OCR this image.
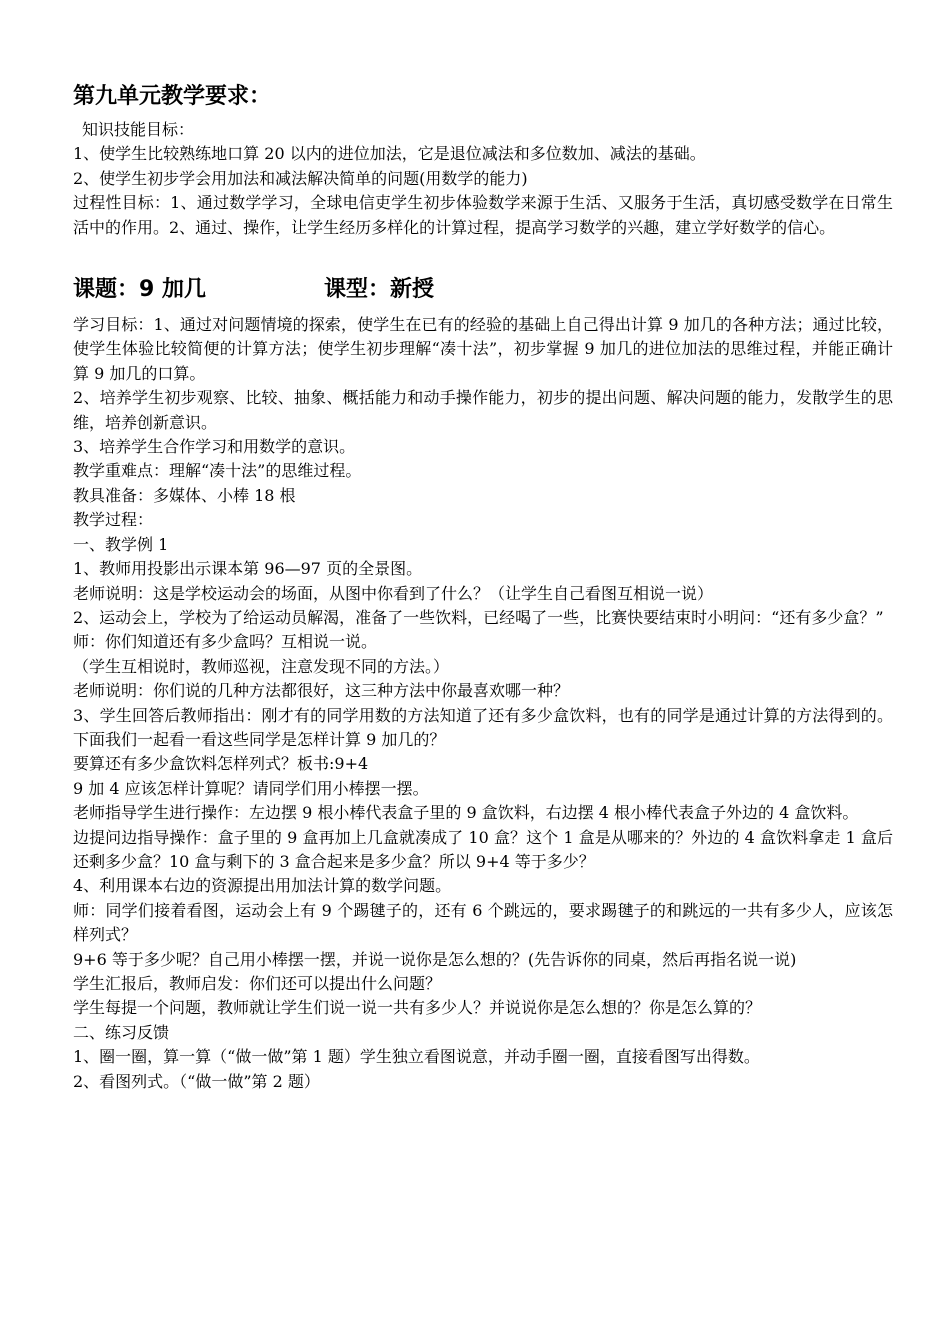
第九单元教学要求：

知识技能目标：

1、使学生比较熟练地口算 20 以内的进位加法，它是退位减法和多位数加、减法的基础。

2、使学生初步学会用加法和减法解决简单的问题(用数学的能力)

过程性目标：1、通过数学学习，全球电信吏学生初步体验数学来源于生活、又服务于生活，真切感受数学在日常生活中的作用。2、通过、操作，让学生经历多样化的计算过程，提高学习数学的兴趣，建立学好数学的信心。

课题：9 加几	课型：新授

学习目标：1、通过对问题情境的探索，使学生在已有的经验的基础上自己得出计算 9 加几的各种方法；通过比较，使学生体验比较简便的计算方法；使学生初步理解“凑十法”，初步掌握 9 加几的进位加法的思维过程，并能正确计算 9 加几的口算。

2、培养学生初步观察、比较、抽象、概括能力和动手操作能力，初步的提出问题、解决问题的能力，发散学生的思维，培养创新意识。

3、培养学生合作学习和用数学的意识。

教学重难点：理解“凑十法”的思维过程。

教具准备：多媒体、小棒 18 根

教学过程：

一、教学例 1

1、教师用投影出示课本第 96—97 页的全景图。

老师说明：这是学校运动会的场面，从图中你看到了什么？（让学生自己看图互相说一说）

2、运动会上，学校为了给运动员解渴，准备了一些饮料，已经喝了一些，比赛快要结束时小明问：“还有多少盒？”

师：你们知道还有多少盒吗？互相说一说。

（学生互相说时，教师巡视，注意发现不同的方法。）

老师说明：你们说的几种方法都很好，这三种方法中你最喜欢哪一种？

3、学生回答后教师指出：刚才有的同学用数的方法知道了还有多少盒饮料，也有的同学是通过计算的方法得到的。下面我们一起看一看这些同学是怎样计算 9 加几的？

要算还有多少盒饮料怎样列式？板书:9+4

9 加 4 应该怎样计算呢？请同学们用小棒摆一摆。

老师指导学生进行操作：左边摆 9 根小棒代表盒子里的 9 盒饮料，右边摆 4 根小棒代表盒子外边的 4 盒饮料。

边提问边指导操作：盒子里的 9 盒再加上几盒就凑成了 10 盒？这个 1 盒是从哪来的？外边的 4 盒饮料拿走 1 盒后还剩多少盒？10 盒与剩下的 3 盒合起来是多少盒？所以 9+4 等于多少？

4、利用课本右边的资源提出用加法计算的数学问题。

师：同学们接着看图，运动会上有 9 个踢毽子的，还有 6 个跳远的，要求踢毽子的和跳远的一共有多少人，应该怎样列式？

9+6 等于多少呢？自己用小棒摆一摆，并说一说你是怎么想的？(先告诉你的同桌，然后再指名说一说)

学生汇报后，教师启发：你们还可以提出什么问题？

学生每提一个问题，教师就让学生们说一说一共有多少人？并说说你是怎么想的？你是怎么算的？

二、练习反馈

1、圈一圈，算一算（“做一做”第 1 题）学生独立看图说意，并动手圈一圈，直接看图写出得数。

2、看图列式。（“做一做”第 2 题）
